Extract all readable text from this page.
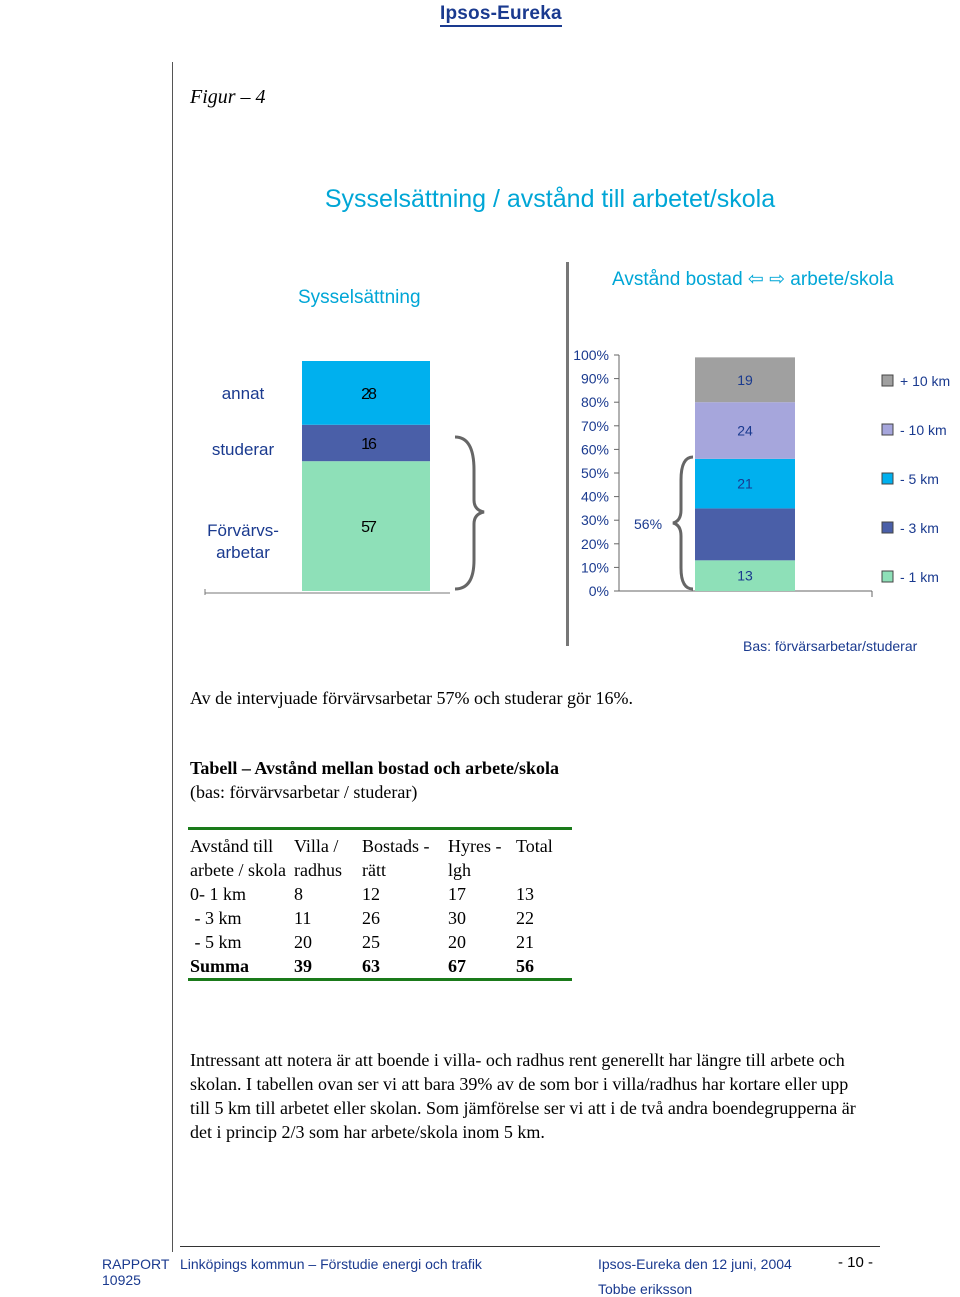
Ipsos-Eureka
Figur – 4
Sysselsättning / avstånd till arbetet/skola
Sysselsättning
Avstånd bostad ⇦ ⇨ arbete/skola
57
16
28
Förvärvs-arbetar
studerar
annat
100%
90%
80%
70%
60%
50%
40%
30%
20%
10%
0%
13
21
24
19
56%
+ 10 km
- 10 km
- 5 km
- 3 km
- 1 km
Bas: förvärsarbetar/studerar
Av de intervjuade förvärvsarbetar 57% och studerar gör 16%.
Tabell – Avstånd mellan bostad och arbete/skola
(bas: förvärvsarbetar / studerar)
Avstånd till arbete / skola	Villa / radhus	Bostads -rätt	Hyres -lgh	Total
0- 1 km	8	12	17	13
- 3 km	11	26	30	22
- 5 km	20	25	20	21
Summa	39	63	67	56
Intressant att notera är att boende i villa- och radhus rent generellt har längre till arbete och skolan. I tabellen ovan ser vi att bara 39% av de som bor i villa/radhus har kortare eller upp till 5 km till arbetet eller skolan. Som jämförelse ser vi att i de två andra boendegrupperna är det i princip 2/3 som har arbete/skola inom 5 km.
RAPPORT 10925
Linköpings kommun – Förstudie energi och trafik	Ipsos-Eureka den 12 juni, 2004
Tobbe eriksson
- 10 -
